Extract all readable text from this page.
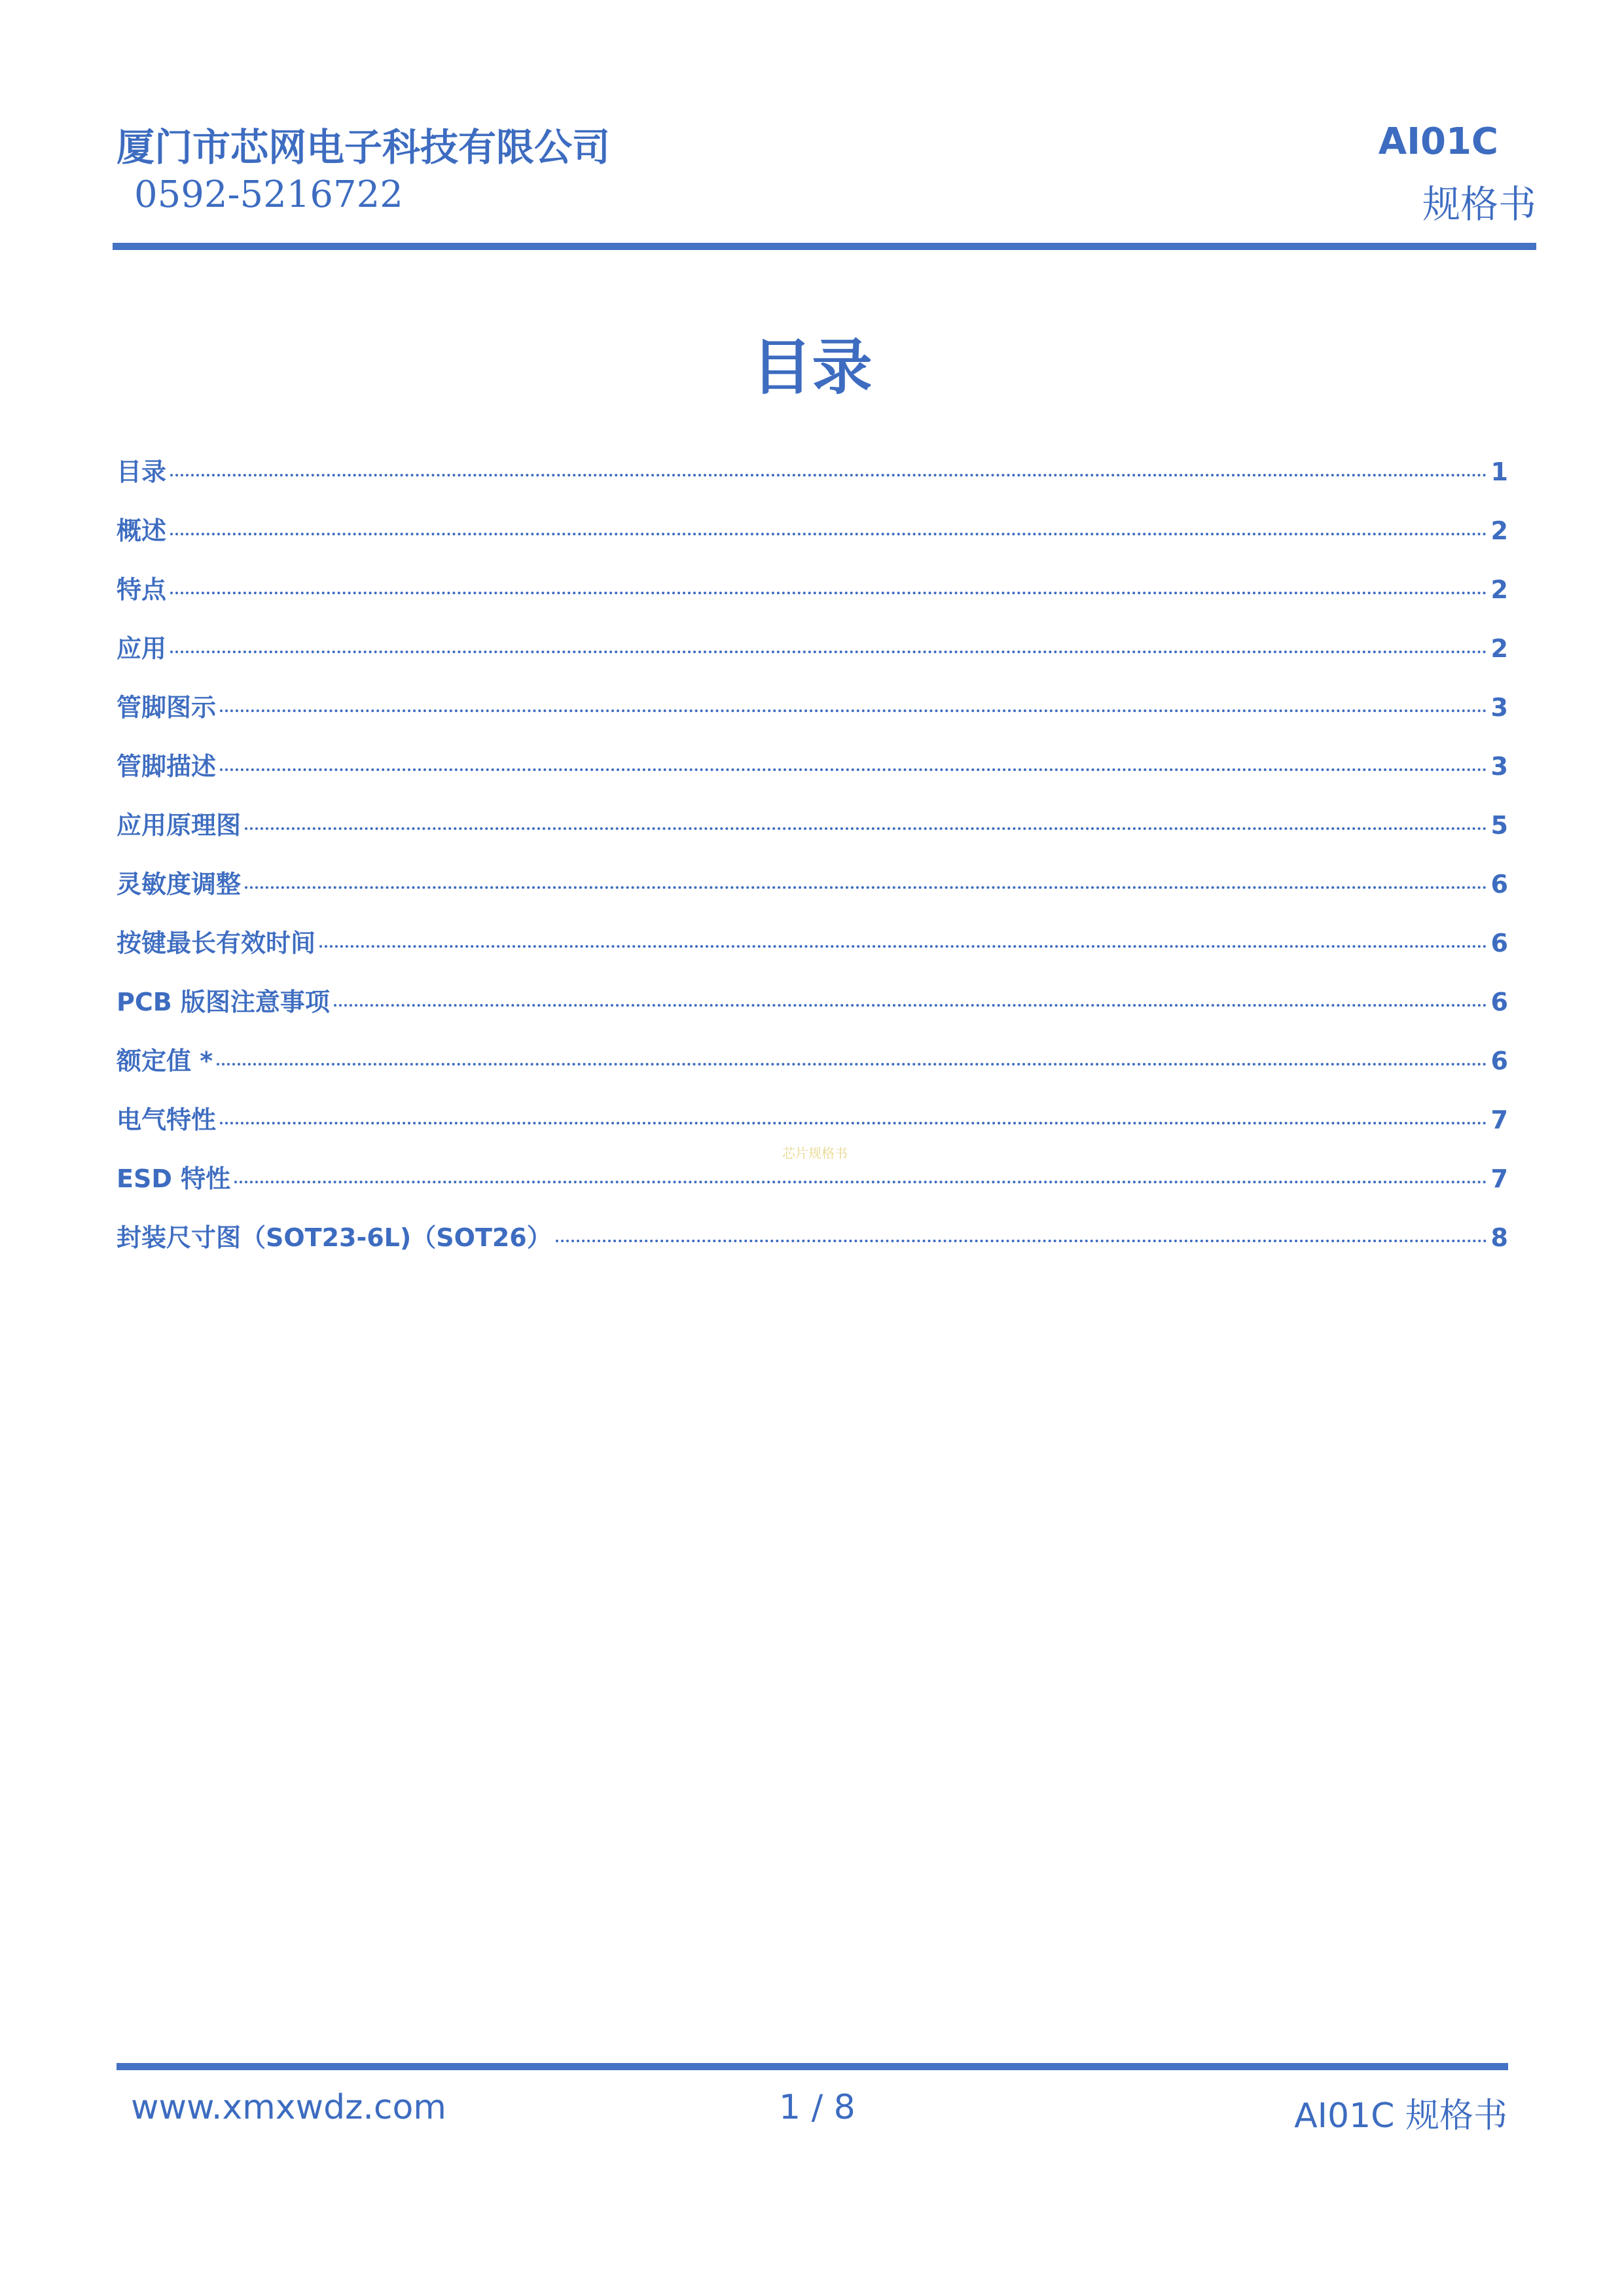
厦门市芯网电子科技有限公司
0592-5216722
AI01C
规格书
目录
目录	1
概述	2
特点	2
应用	2
管脚图示	3
管脚描述	3
应用原理图	5
灵敏度调整	6
按键最长有效时间	6
PCB 版图注意事项	6
额定值 *	6
电气特性	7
ESD 特性	7
封装尺寸图（SOT23-6L)（SOT26）	8
芯片规格书
www.xmxwdz.com	1 / 8	AI01C 规格书
